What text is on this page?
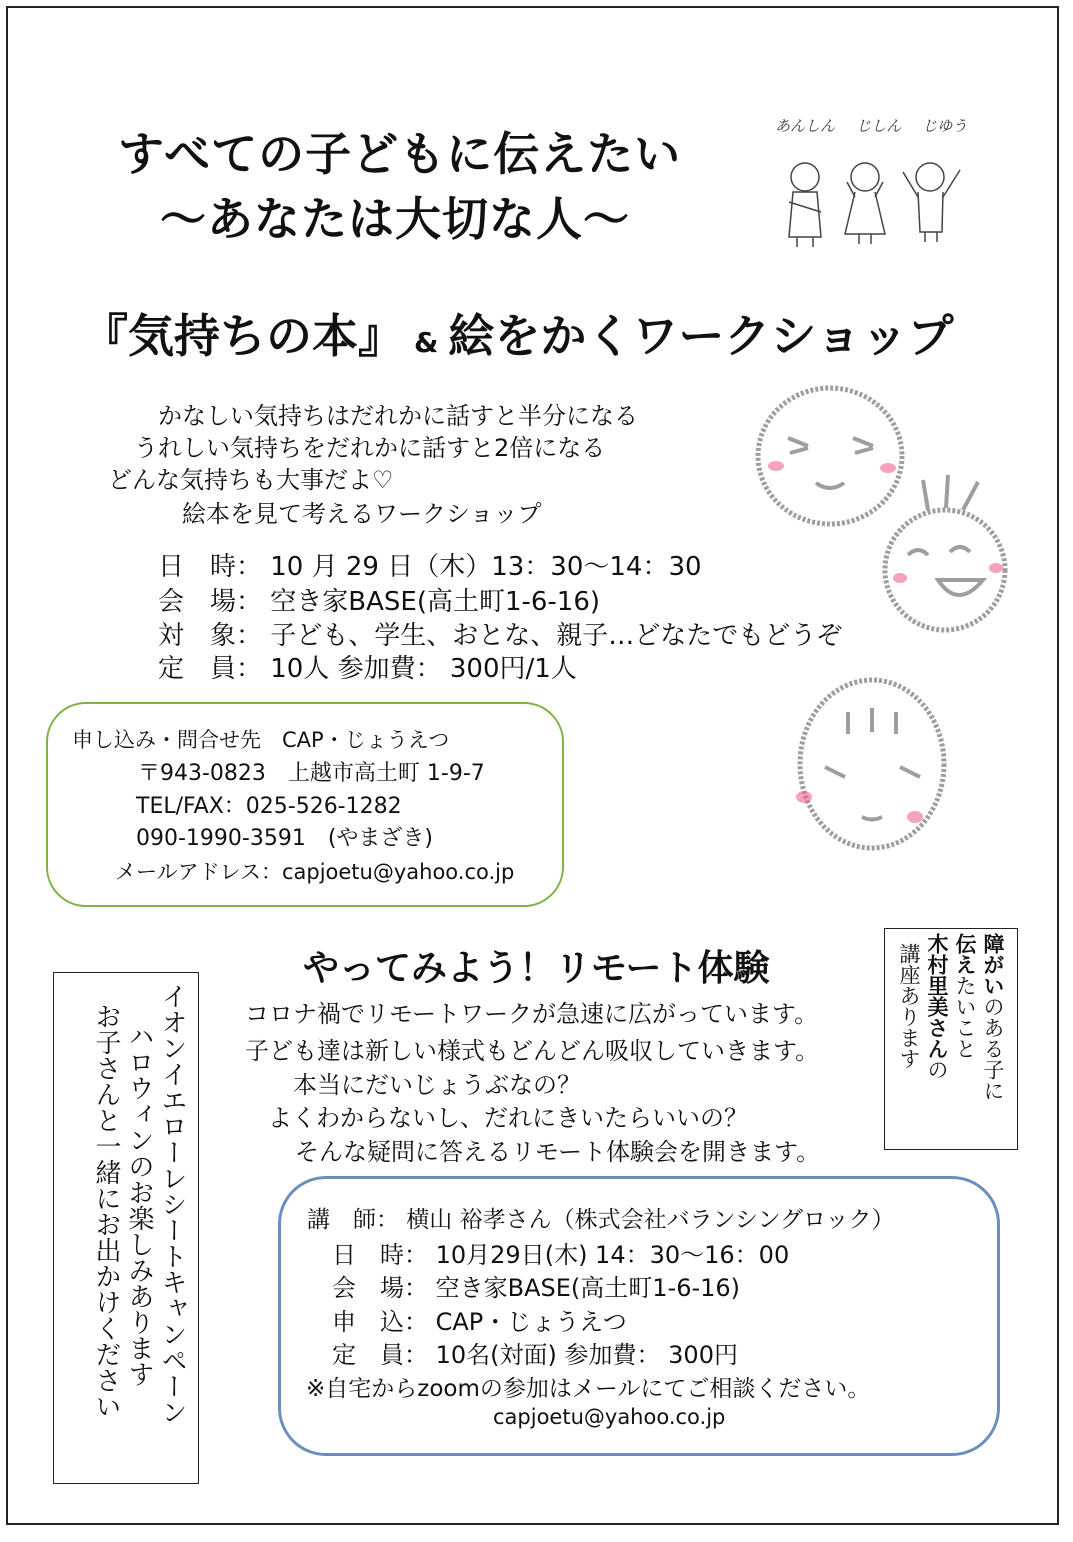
すべての子どもに伝えたい
〜あなたは大切な人〜
あんしん じしん じゆう
『気持ちの本』 & 絵をかくワークショップ
かなしい気持ちはだれかに話すと半分になる
うれしい気持ちをだれかに話すと2倍になる
どんな気持ちも大事だよ♡
絵本を見て考えるワークショップ
日　時： 10 月 29 日（木）13：30〜14：30
会　場： 空き家BASE(高土町1-6-16)
対　象： 子ども、学生、おとな、親子…どなたでもどうぞ
定　員： 10人 参加費： 300円/1人
申し込み・問合せ先　CAP・じょうえつ
〒943-0823　上越市高土町 1-9-7
TEL/FAX：025-526-1282
090-1990-3591　(やまざき)
メールアドレス：capjoetu@yahoo.co.jp
イオンイエローレシートキャンペーン
ハロウィンのお楽しみあります
お子さんと一緒にお出かけください
障がいのある子に
伝えたいこと
木村里美さんの
講座あります
やってみよう！リモート体験
コロナ禍でリモートワークが急速に広がっています。
子ども達は新しい様式もどんどん吸収していきます。
本当にだいじょうぶなの？
よくわからないし、だれにきいたらいいの？
そんな疑問に答えるリモート体験会を開きます。
講　師： 横山 裕孝さん（株式会社バランシングロック）
日　時： 10月29日(木) 14：30〜16：00
会　場： 空き家BASE(高土町1-6-16)
申　込： CAP・じょうえつ
定　員： 10名(対面) 参加費： 300円
※自宅からzoomの参加はメールにてご相談ください。
capjoetu@yahoo.co.jp
